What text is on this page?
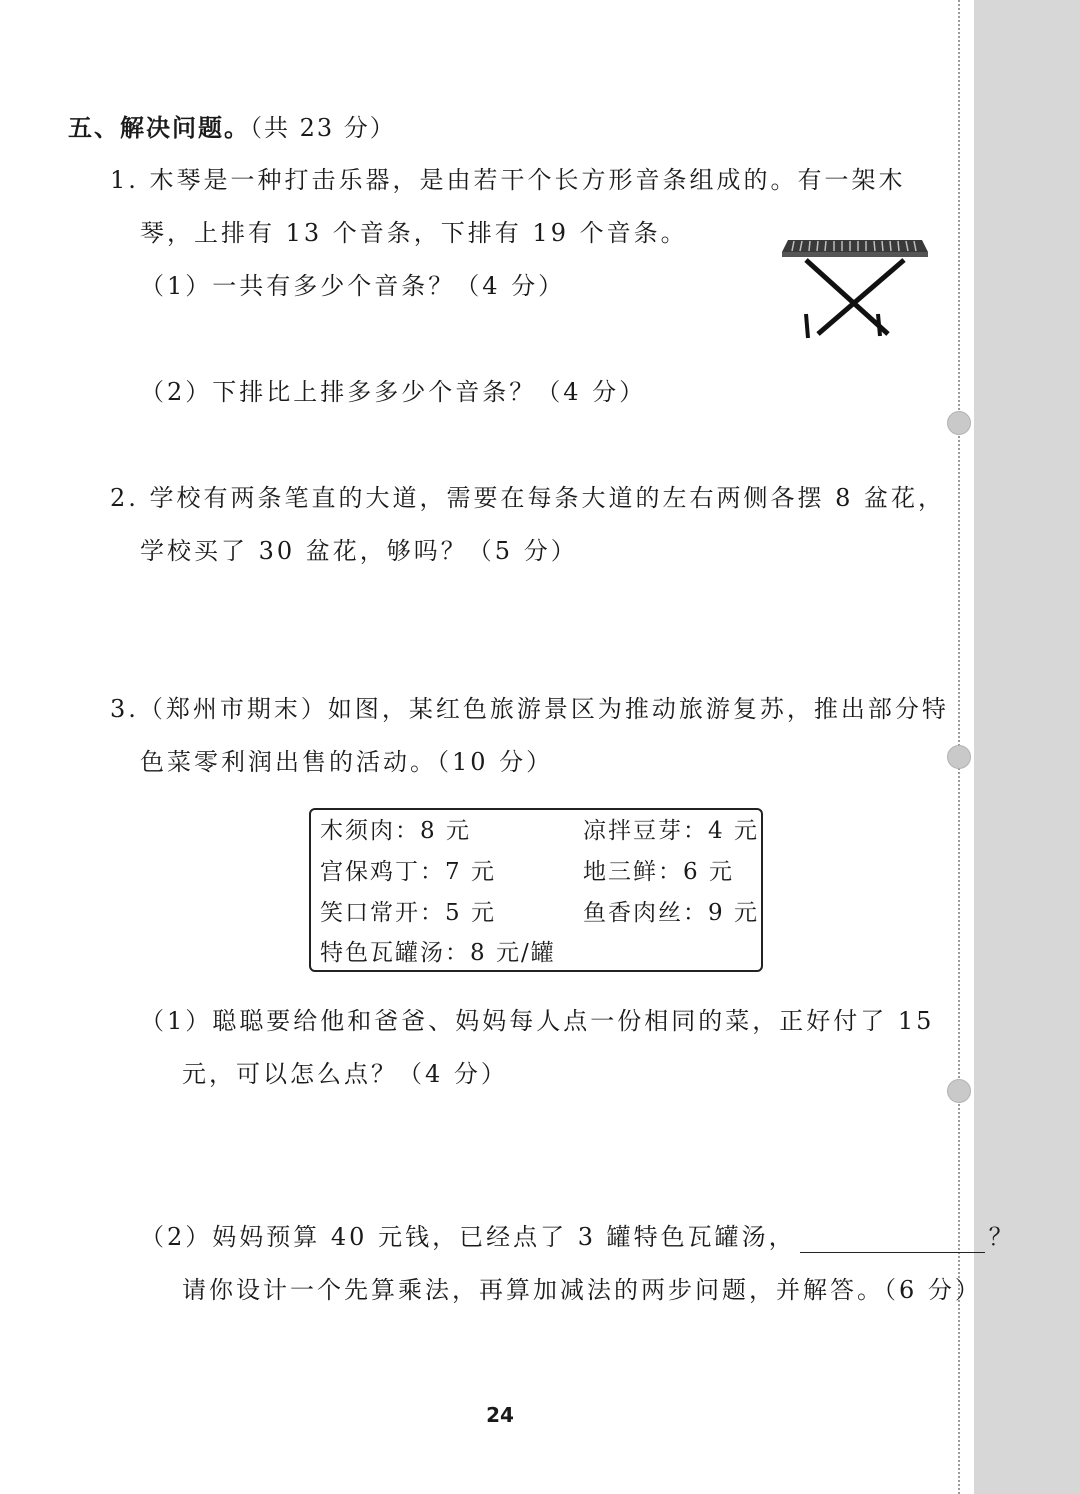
五、解决问题。（共 23 分）
1. 木琴是一种打击乐器，是由若干个长方形音条组成的。有一架木
琴，上排有 13 个音条，下排有 19 个音条。
（1）一共有多少个音条？（4 分）
（2）下排比上排多多少个音条？（4 分）
2. 学校有两条笔直的大道，需要在每条大道的左右两侧各摆 8 盆花，
学校买了 30 盆花，够吗？（5 分）
3.（郑州市期末）如图，某红色旅游景区为推动旅游复苏，推出部分特
色菜零利润出售的活动。（10 分）
木须肉：8 元	凉拌豆芽：4 元
宫保鸡丁：7 元	地三鲜：6 元
笑口常开：5 元	鱼香肉丝：9 元
特色瓦罐汤：8 元/罐
（1）聪聪要给他和爸爸、妈妈每人点一份相同的菜，正好付了 15
元，可以怎么点？（4 分）
（2）妈妈预算 40 元钱，已经点了 3 罐特色瓦罐汤，	？
请你设计一个先算乘法，再算加减法的两步问题，并解答。（6 分）
24
